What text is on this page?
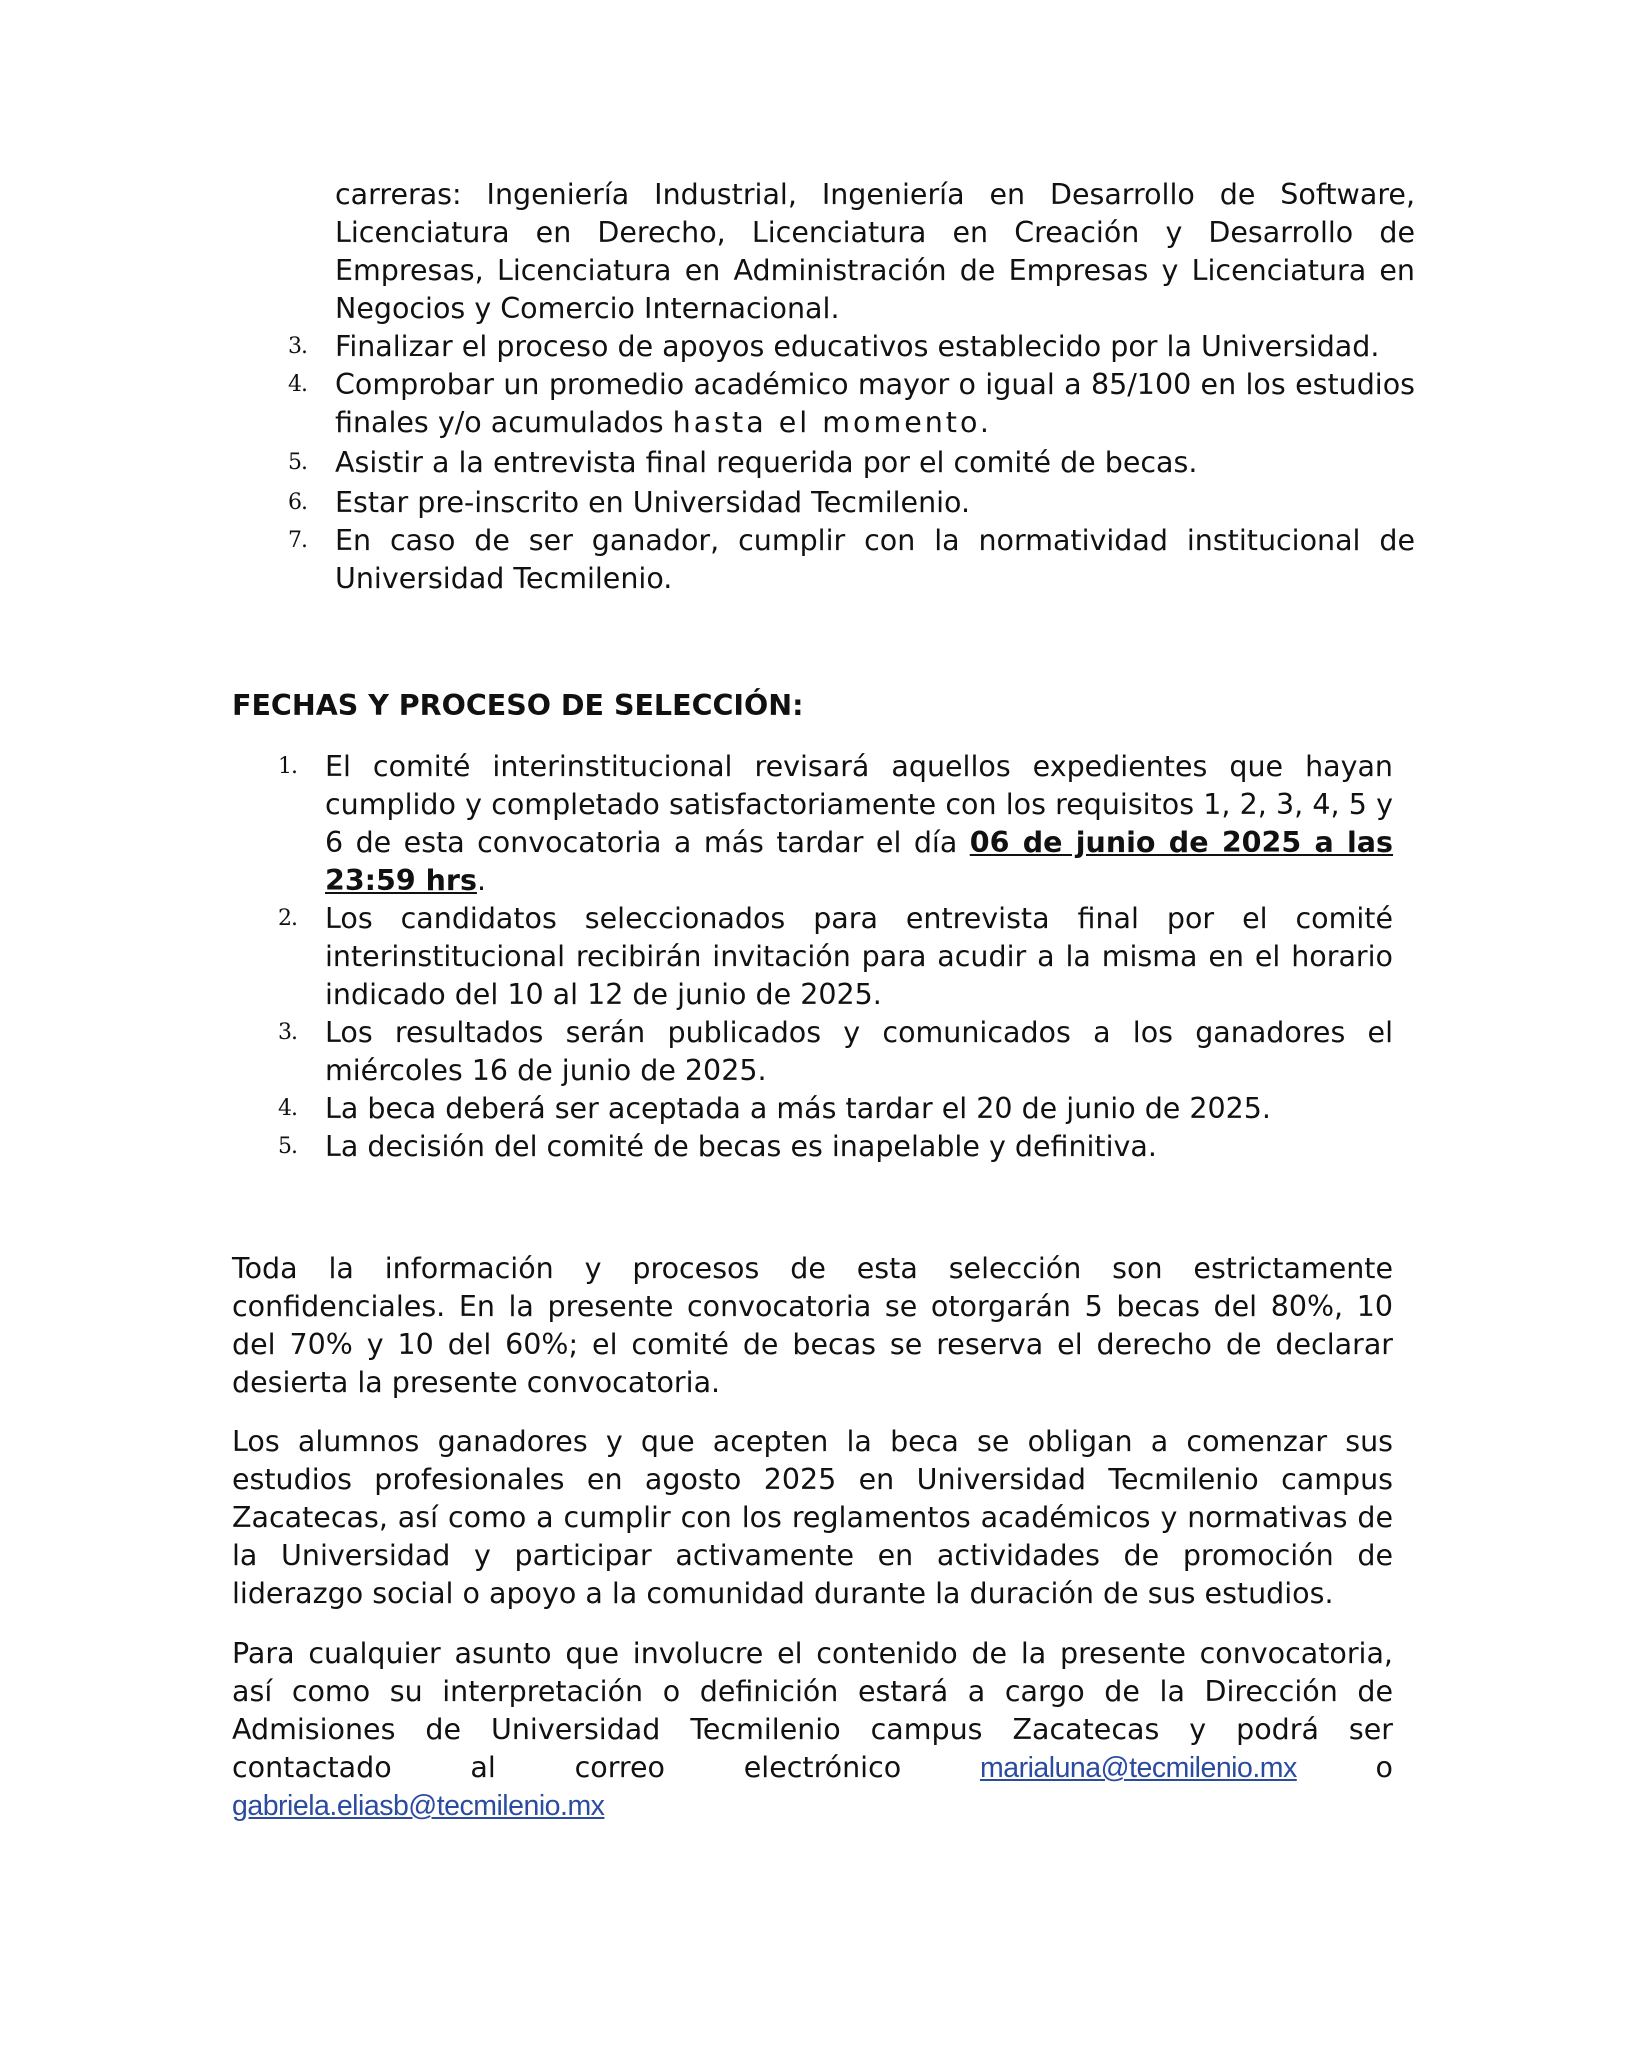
carreras: Ingeniería Industrial, Ingeniería en Desarrollo de Software, Licenciatura en Derecho, Licenciatura en Creación y Desarrollo de Empresas, Licenciatura en Administración de Empresas y Licenciatura en Negocios y Comercio Internacional.
3. Finalizar el proceso de apoyos educativos establecido por la Universidad.
4. Comprobar un promedio académico mayor o igual a 85/100 en los estudios finales y/o acumulados hasta el momento.
5. Asistir a la entrevista final requerida por el comité de becas.
6. Estar pre-inscrito en Universidad Tecmilenio.
7. En caso de ser ganador, cumplir con la normatividad institucional de Universidad Tecmilenio.
FECHAS Y PROCESO DE SELECCIÓN:
1. El comité interinstitucional revisará aquellos expedientes que hayan cumplido y completado satisfactoriamente con los requisitos 1, 2, 3, 4, 5 y 6 de esta convocatoria a más tardar el día 06 de junio de 2025 a las 23:59 hrs.
2. Los candidatos seleccionados para entrevista final por el comité interinstitucional recibirán invitación para acudir a la misma en el horario indicado del 10 al 12 de junio de 2025.
3. Los resultados serán publicados y comunicados a los ganadores el miércoles 16 de junio de 2025.
4. La beca deberá ser aceptada a más tardar el 20 de junio de 2025.
5. La decisión del comité de becas es inapelable y definitiva.

Toda la información y procesos de esta selección son estrictamente confidenciales. En la presente convocatoria se otorgarán 5 becas del 80%, 10 del 70% y 10 del 60%; el comité de becas se reserva el derecho de declarar desierta la presente convocatoria.

Los alumnos ganadores y que acepten la beca se obligan a comenzar sus estudios profesionales en agosto 2025 en Universidad Tecmilenio campus Zacatecas, así como a cumplir con los reglamentos académicos y normativas de la Universidad y participar activamente en actividades de promoción de liderazgo social o apoyo a la comunidad durante la duración de sus estudios.

Para cualquier asunto que involucre el contenido de la presente convocatoria, así como su interpretación o definición estará a cargo de la Dirección de Admisiones de Universidad Tecmilenio campus Zacatecas y podrá ser contactado al correo electrónico marialuna@tecmilenio.mx o gabriela.eliasb@tecmilenio.mx
